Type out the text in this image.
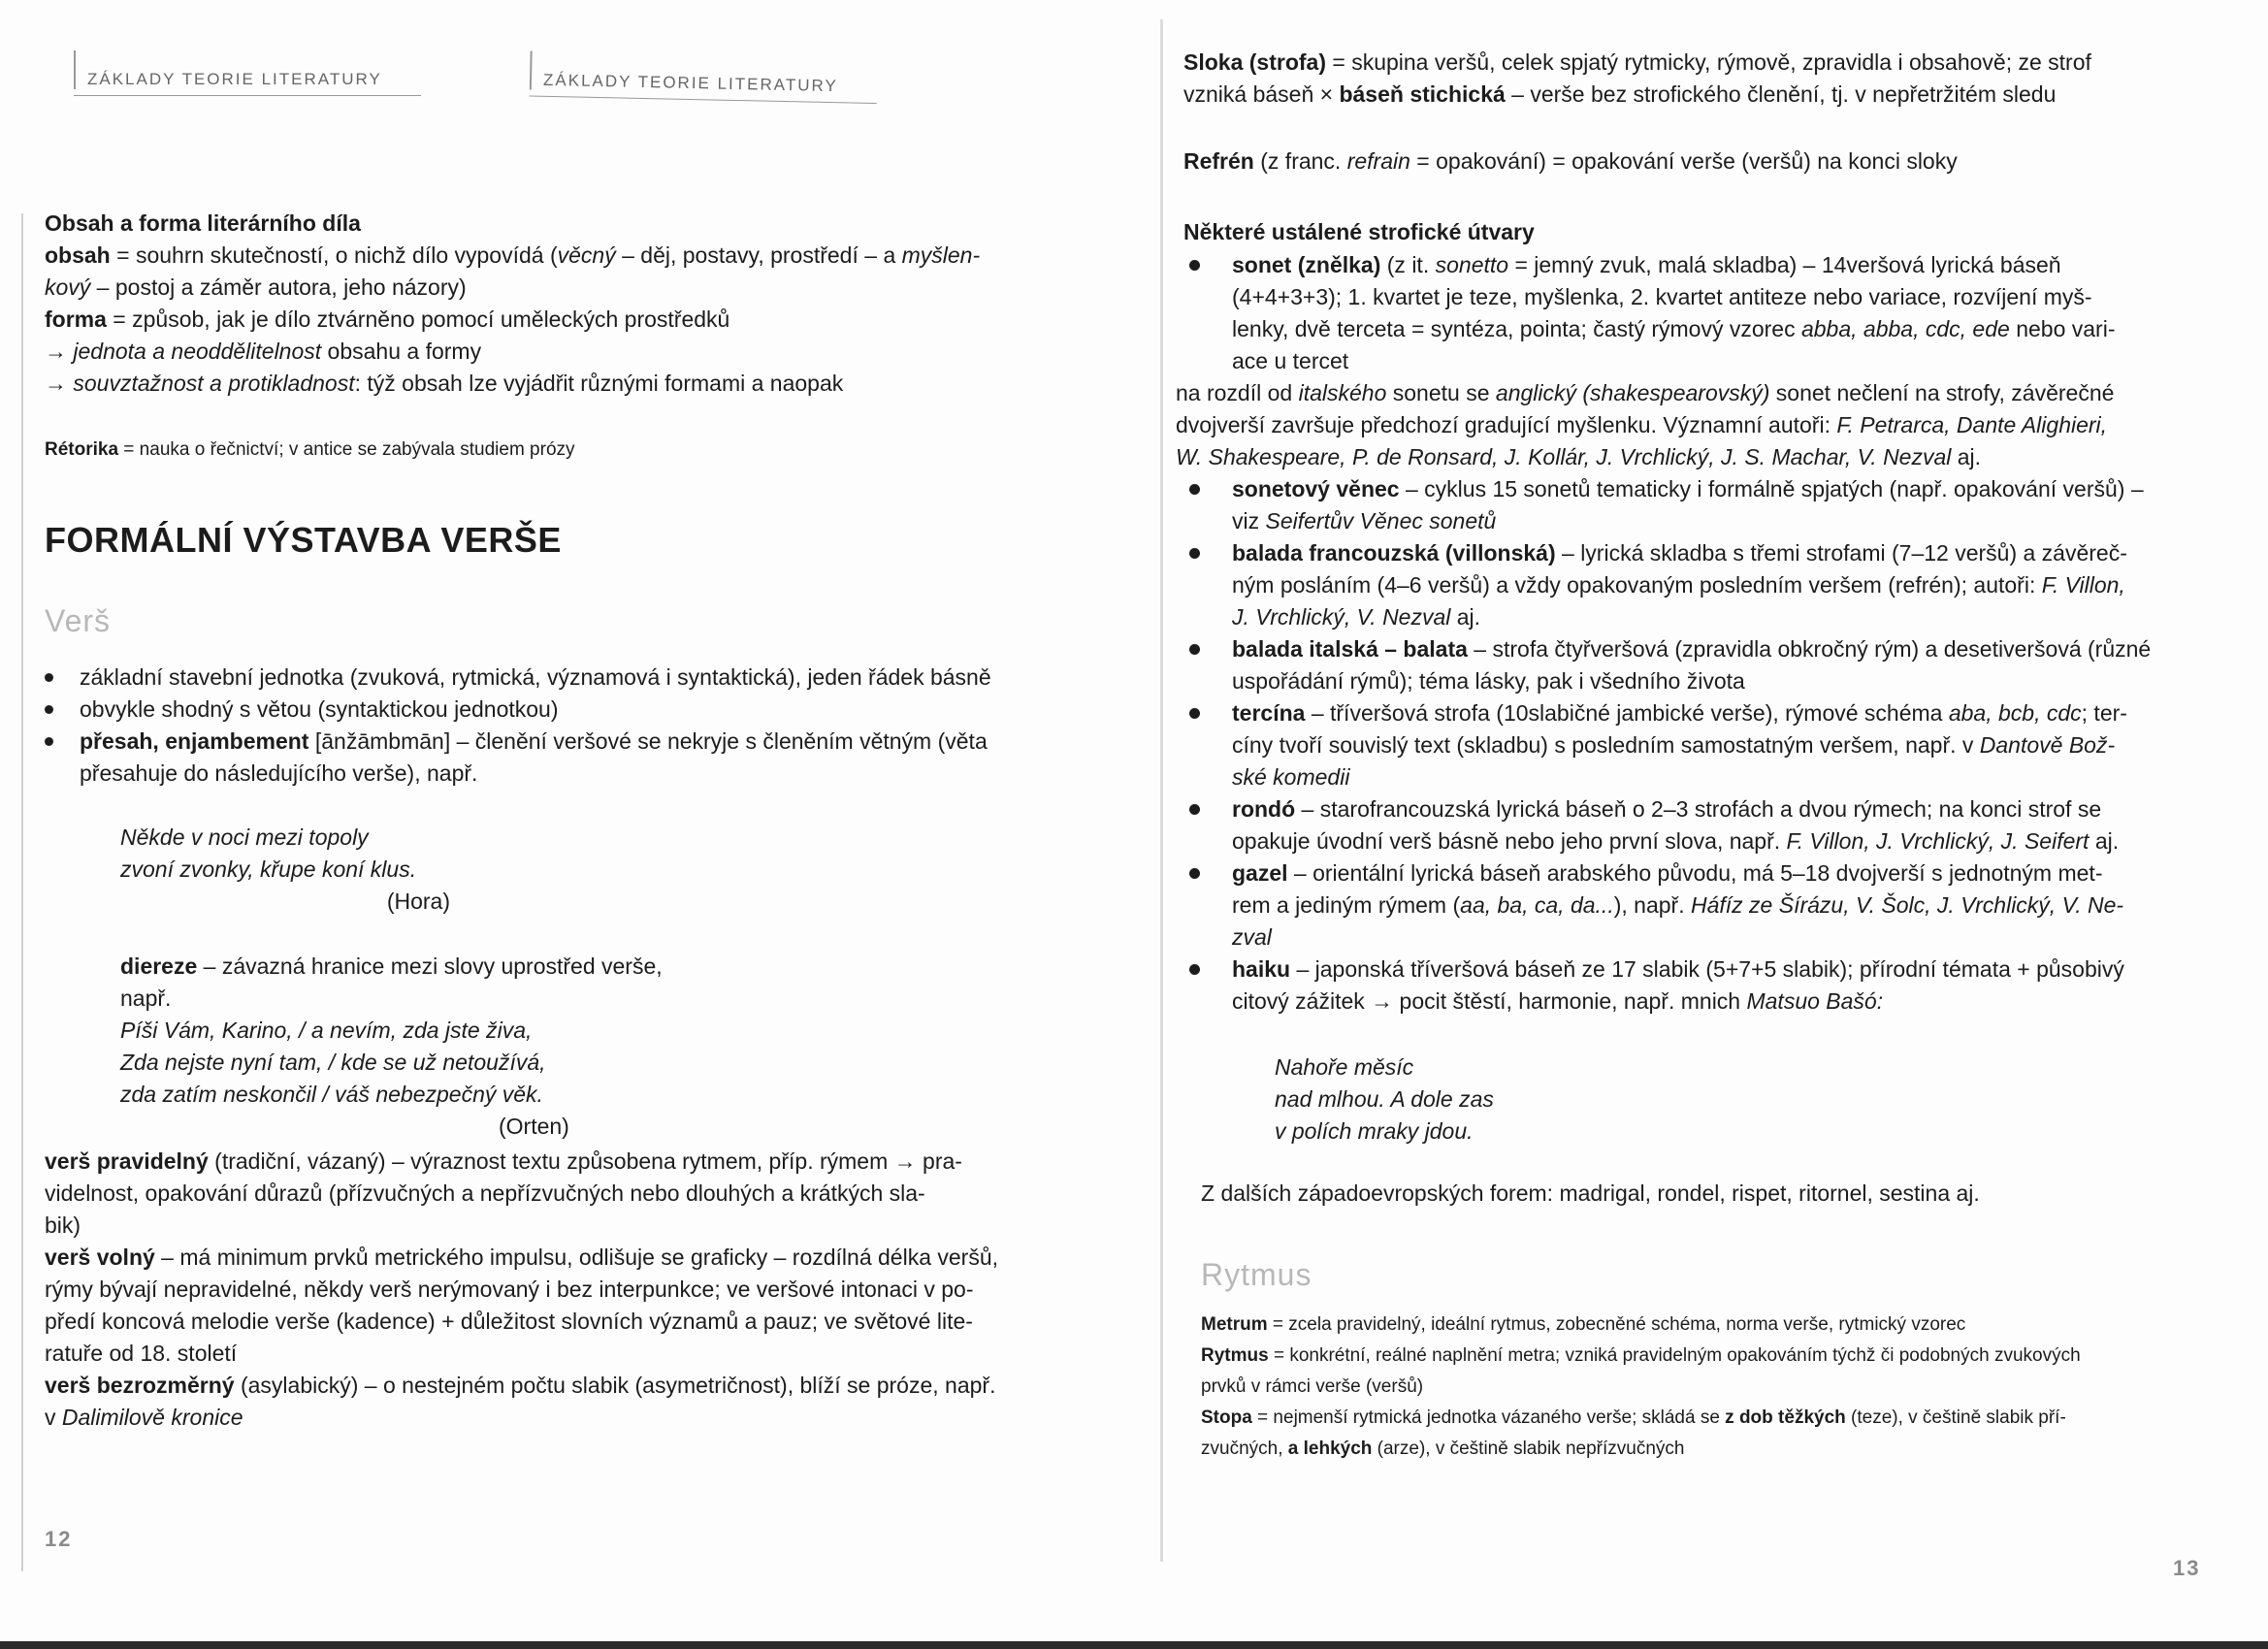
ZÁKLADY TEORIE LITERATURY	ZÁKLADY TEORIE LITERATURY
Obsah a forma literárního díla
obsah = souhrn skutečností, o nichž dílo vypovídá (věcný – děj, postavy, prostředí – a myšlen-
kový – postoj a záměr autora, jeho názory)
forma = způsob, jak je dílo ztvárněno pomocí uměleckých prostředků
→ jednota a neoddělitelnost obsahu a formy
→ souvztažnost a protikladnost: týž obsah lze vyjádřit různými formami a naopak
Rétorika = nauka o řečnictví; v antice se zabývala studiem prózy
FORMÁLNÍ VÝSTAVBA VERŠE
Verš
základní stavební jednotka (zvuková, rytmická, významová i syntaktická), jeden řádek básně
obvykle shodný s větou (syntaktickou jednotkou)
přesah, enjambement [ānžāmbmān] – členění veršové se nekryje s členěním větným (věta
přesahuje do následujícího verše), např.
Někde v noci mezi topoly
zvoní zvonky, křupe koní klus.
(Hora)
diereze – závazná hranice mezi slovy uprostřed verše, např.
Píši Vám, Karino, / a nevím, zda jste živa,
Zda nejste nyní tam, / kde se už netoužívá,
zda zatím neskončil / váš nebezpečný věk.
(Orten)
verš pravidelný (tradiční, vázaný) – výraznost textu způsobena rytmem, příp. rýmem → pra-
videlnost, opakování důrazů (přízvučných a nepřízvučných nebo dlouhých a krátkých sla-
bik)
verš volný – má minimum prvků metrického impulsu, odlišuje se graficky – rozdílná délka veršů,
rýmy bývají nepravidelné, někdy verš nerýmovaný i bez interpunkce; ve veršové intonaci v po-
předí koncová melodie verše (kadence) + důležitost slovních významů a pauz; ve světové lite-
ratuře od 18. století
verš bezrozměrný (asylabický) – o nestejném počtu slabik (asymetričnost), blíží se próze, např.
v Dalimilově kronice
12
Sloka (strofa) = skupina veršů, celek spjatý rytmicky, rýmově, zpravidla i obsahově; ze strof
vzniká báseň × báseň stichická – verše bez strofického členění, tj. v nepřetržitém sledu
Refrén (z franc. refrain = opakování) = opakování verše (veršů) na konci sloky
Některé ustálené strofické útvary
sonet (znělka) (z it. sonetto = jemný zvuk, malá skladba) – 14veršová lyrická báseň
(4+4+3+3); 1. kvartet je teze, myšlenka, 2. kvartet antiteze nebo variace, rozvíjení myš-
lenky, dvě terceta = syntéza, pointa; častý rýmový vzorec abba, abba, cdc, ede nebo vari-
ace u tercet
na rozdíl od italského sonetu se anglický (shakespearovský) sonet nečlení na strofy, závěrečné
dvojverší završuje předchozí gradující myšlenku. Významní autoři: F. Petrarca, Dante Alighieri,
W. Shakespeare, P. de Ronsard, J. Kollár, J. Vrchlický, J. S. Machar, V. Nezval aj.
sonetový věnec – cyklus 15 sonetů tematicky i formálně spjatých (např. opakování veršů) –
viz Seifertův Věnec sonetů
balada francouzská (villonská) – lyrická skladba s třemi strofami (7–12 veršů) a závěreč-
ným posláním (4–6 veršů) a vždy opakovaným posledním veršem (refrén); autoři: F. Villon,
J. Vrchlický, V. Nezval aj.
balada italská – balata – strofa čtyřveršová (zpravidla obkročný rým) a desetiveršová (různé
uspořádání rýmů); téma lásky, pak i všedního života
tercína – tříveršová strofa (10slabičné jambické verše), rýmové schéma aba, bcb, cdc; ter-
cíny tvoří souvislý text (skladbu) s posledním samostatným veršem, např. v Dantově Bož-
ské komedii
rondó – starofrancouzská lyrická báseň o 2–3 strofách a dvou rýmech; na konci strof se
opakuje úvodní verš básně nebo jeho první slova, např. F. Villon, J. Vrchlický, J. Seifert aj.
gazel – orientální lyrická báseň arabského původu, má 5–18 dvojverší s jednotným met-
rem a jediným rýmem (aa, ba, ca, da...), např. Háfíz ze Šírázu, V. Šolc, J. Vrchlický, V. Ne-
zval
haiku – japonská tříveršová báseň ze 17 slabik (5+7+5 slabik); přírodní témata + působivý
citový zážitek → pocit štěstí, harmonie, např. mnich Matsuo Bašó:
Nahoře měsíc
nad mlhou. A dole zas
v polích mraky jdou.
Z dalších západoevropských forem: madrigal, rondel, rispet, ritornel, sestina aj.
Rytmus
Metrum = zcela pravidelný, ideální rytmus, zobecněné schéma, norma verše, rytmický vzorec
Rytmus = konkrétní, reálné naplnění metra; vzniká pravidelným opakováním týchž či podobných zvukových
prvků v rámci verše (veršů)
Stopa = nejmenší rytmická jednotka vázaného verše; skládá se z dob těžkých (teze), v češtině slabik pří-
zvučných, a lehkých (arze), v češtině slabik nepřízvučných
13
